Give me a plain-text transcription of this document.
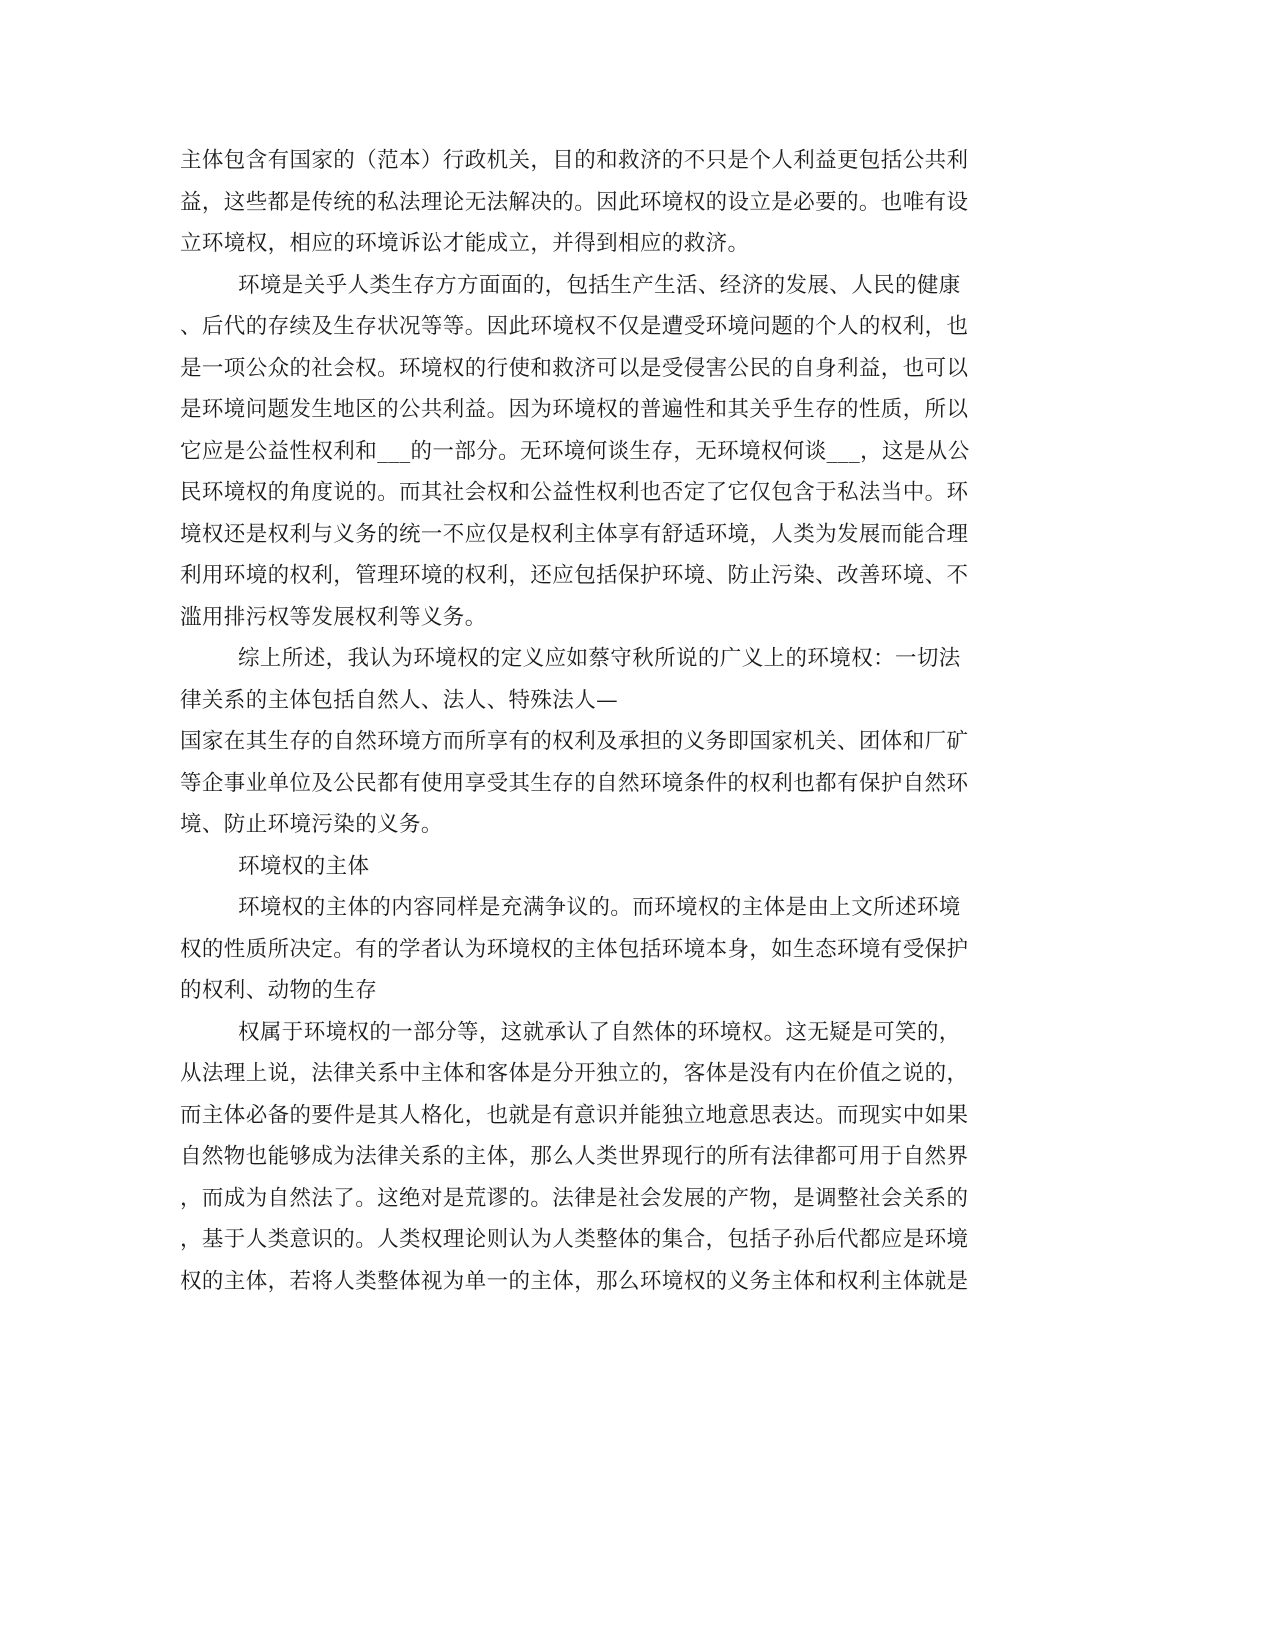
主体包含有国家的（范本）行政机关，目的和救济的不只是个人利益更包括公共利
益，这些都是传统的私法理论无法解决的。因此环境权的设立是必要的。也唯有设
立环境权，相应的环境诉讼才能成立，并得到相应的救济。
环境是关乎人类生存方方面面的，包括生产生活、经济的发展、人民的健康
、后代的存续及生存状况等等。因此环境权不仅是遭受环境问题的个人的权利，也
是一项公众的社会权。环境权的行使和救济可以是受侵害公民的自身利益，也可以
是环境问题发生地区的公共利益。因为环境权的普遍性和其关乎生存的性质，所以
它应是公益性权利和___的一部分。无环境何谈生存，无环境权何谈___，这是从公
民环境权的角度说的。而其社会权和公益性权利也否定了它仅包含于私法当中。环
境权还是权利与义务的统一不应仅是权利主体享有舒适环境，人类为发展而能合理
利用环境的权利，管理环境的权利，还应包括保护环境、防止污染、改善环境、不
滥用排污权等发展权利等义务。
综上所述，我认为环境权的定义应如蔡守秋所说的广义上的环境权：一切法
律关系的主体包括自然人、法人、特殊法人—
国家在其生存的自然环境方而所享有的权利及承担的义务即国家机关、团体和厂矿
等企事业单位及公民都有使用享受其生存的自然环境条件的权利也都有保护自然环
境、防止环境污染的义务。
环境权的主体
环境权的主体的内容同样是充满争议的。而环境权的主体是由上文所述环境
权的性质所决定。有的学者认为环境权的主体包括环境本身，如生态环境有受保护
的权利、动物的生存
权属于环境权的一部分等，这就承认了自然体的环境权。这无疑是可笑的，
从法理上说，法律关系中主体和客体是分开独立的，客体是没有内在价值之说的，
而主体必备的要件是其人格化，也就是有意识并能独立地意思表达。而现实中如果
自然物也能够成为法律关系的主体，那么人类世界现行的所有法律都可用于自然界
，而成为自然法了。这绝对是荒谬的。法律是社会发展的产物，是调整社会关系的
，基于人类意识的。人类权理论则认为人类整体的集合，包括子孙后代都应是环境
权的主体，若将人类整体视为单一的主体，那么环境权的义务主体和权利主体就是
